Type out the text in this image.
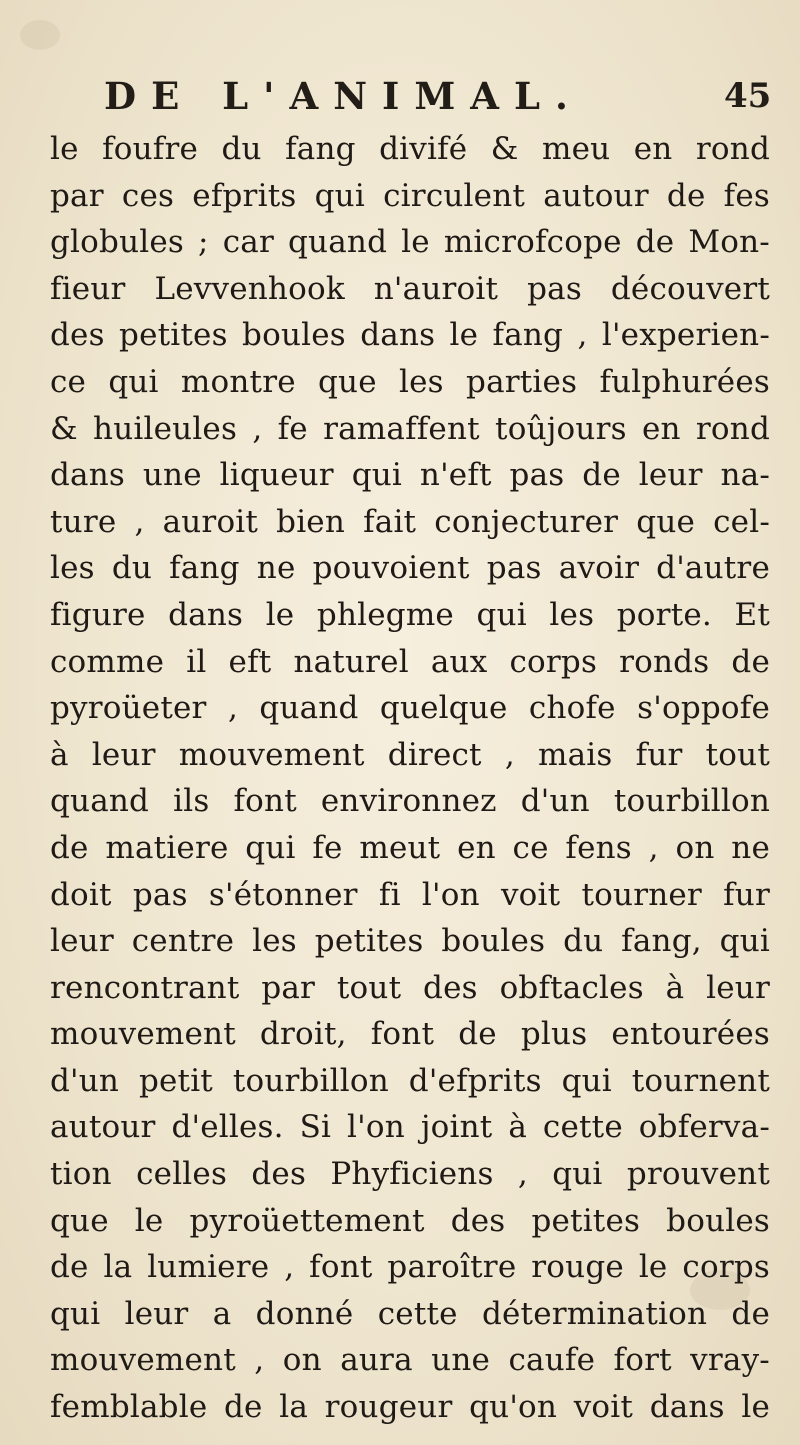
DE L'ANIMAL.	45
le foufre du fang divifé & meu en rond
par ces efprits qui circulent autour de fes
globules ; car quand le microfcope de Mon-
fieur Levvenhook n'auroit pas découvert
des petites boules dans le fang , l'experien-
ce qui montre que les parties fulphurées
& huileules , fe ramaffent toûjours en rond
dans une liqueur qui n'eft pas de leur na-
ture , auroit bien fait conjecturer que cel-
les du fang ne pouvoient pas avoir d'autre
figure dans le phlegme qui les porte. Et
comme il eft naturel aux corps ronds de
pyroüeter , quand quelque chofe s'oppofe
à leur mouvement direct , mais fur tout
quand ils font environnez d'un tourbillon
de matiere qui fe meut en ce fens , on ne
doit pas s'étonner fi l'on voit tourner fur
leur centre les petites boules du fang, qui
rencontrant par tout des obftacles à leur
mouvement droit, font de plus entourées
d'un petit tourbillon d'efprits qui tournent
autour d'elles. Si l'on joint à cette obferva-
tion celles des Phyficiens , qui prouvent
que le pyroüettement des petites boules
de la lumiere , font paroître rouge le corps
qui leur a donné cette détermination de
mouvement , on aura une caufe fort vray-
femblable de la rougeur qu'on voit dans le
